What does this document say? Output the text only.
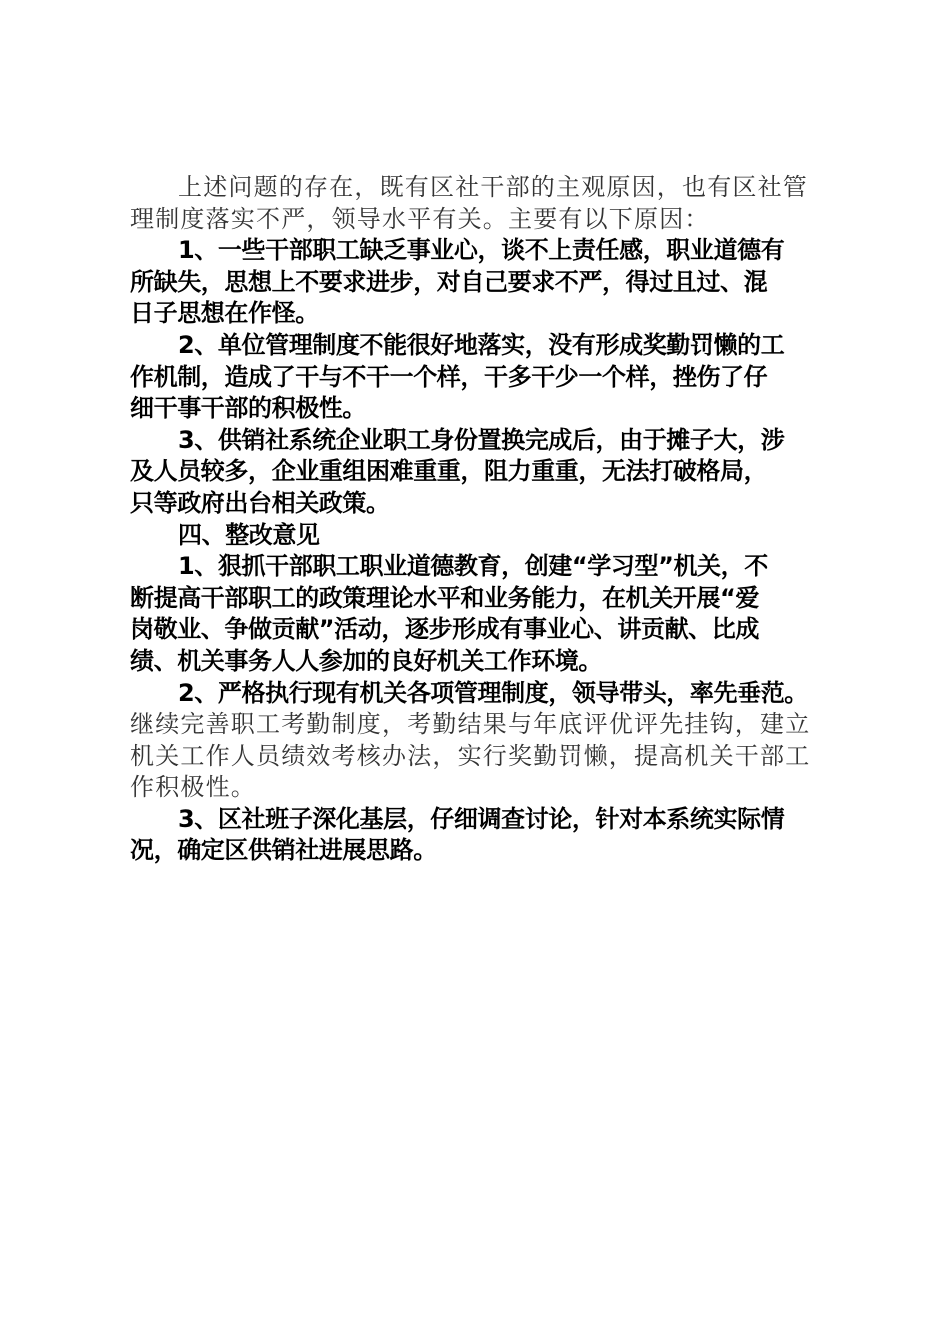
上述问题的存在，既有区社干部的主观原因，也有区社管
理制度落实不严，领导水平有关。主要有以下原因：
1、一些干部职工缺乏事业心，谈不上责任感，职业道德有
所缺失，思想上不要求进步，对自己要求不严，得过且过、混
日子思想在作怪。
2、单位管理制度不能很好地落实，没有形成奖勤罚懒的工
作机制，造成了干与不干一个样，干多干少一个样，挫伤了仔
细干事干部的积极性。
3、供销社系统企业职工身份置换完成后，由于摊子大，涉
及人员较多，企业重组困难重重，阻力重重，无法打破格局，
只等政府出台相关政策。
四、整改意见
1、狠抓干部职工职业道德教育，创建“学习型”机关，不
断提高干部职工的政策理论水平和业务能力，在机关开展“爱
岗敬业、争做贡献”活动，逐步形成有事业心、讲贡献、比成
绩、机关事务人人参加的良好机关工作环境。
2、严格执行现有机关各项管理制度，领导带头，率先垂范。
继续完善职工考勤制度，考勤结果与年底评优评先挂钩，建立
机关工作人员绩效考核办法，实行奖勤罚懒，提高机关干部工
作积极性。
3、区社班子深化基层，仔细调查讨论，针对本系统实际情
况，确定区供销社进展思路。
